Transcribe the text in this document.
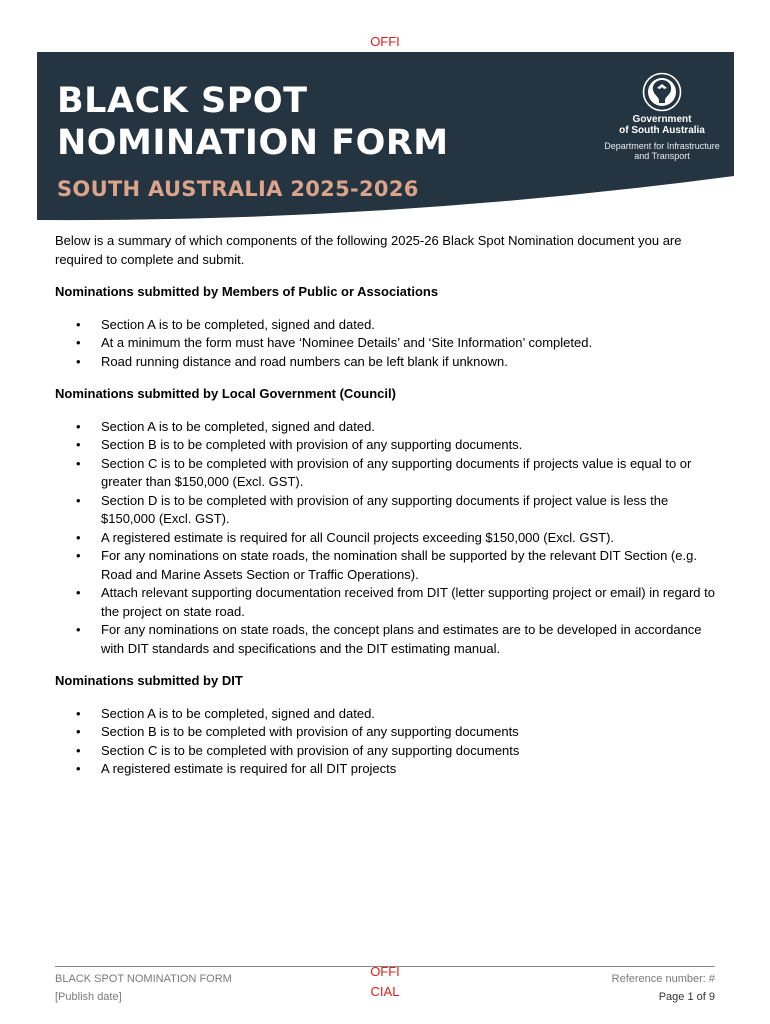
OFFI
BLACK SPOT
NOMINATION FORM
SOUTH AUSTRALIA 2025-2026
Government
of South Australia
Department for Infrastructure
and Transport

Below is a summary of which components of the following 2025-26 Black Spot Nomination document you are required to complete and submit.

Nominations submitted by Members of Public or Associations

• Section A is to be completed, signed and dated.
• At a minimum the form must have ‘Nominee Details’ and ‘Site Information’ completed.
• Road running distance and road numbers can be left blank if unknown.

Nominations submitted by Local Government (Council)

• Section A is to be completed, signed and dated.
• Section B is to be completed with provision of any supporting documents.
• Section C is to be completed with provision of any supporting documents if projects value is equal to or greater than $150,000 (Excl. GST).
• Section D is to be completed with provision of any supporting documents if project value is less the $150,000 (Excl. GST).
• A registered estimate is required for all Council projects exceeding $150,000 (Excl. GST).
• For any nominations on state roads, the nomination shall be supported by the relevant DIT Section (e.g. Road and Marine Assets Section or Traffic Operations).
• Attach relevant supporting documentation received from DIT (letter supporting project or email) in regard to the project on state road.
• For any nominations on state roads, the concept plans and estimates are to be developed in accordance with DIT standards and specifications and the DIT estimating manual.

Nominations submitted by DIT

• Section A is to be completed, signed and dated.
• Section B is to be completed with provision of any supporting documents
• Section C is to be completed with provision of any supporting documents
• A registered estimate is required for all DIT projects
BLACK SPOT NOMINATION FORM
[Publish date]
OFFI
CIAL
Reference number: #
Page 1 of 9
